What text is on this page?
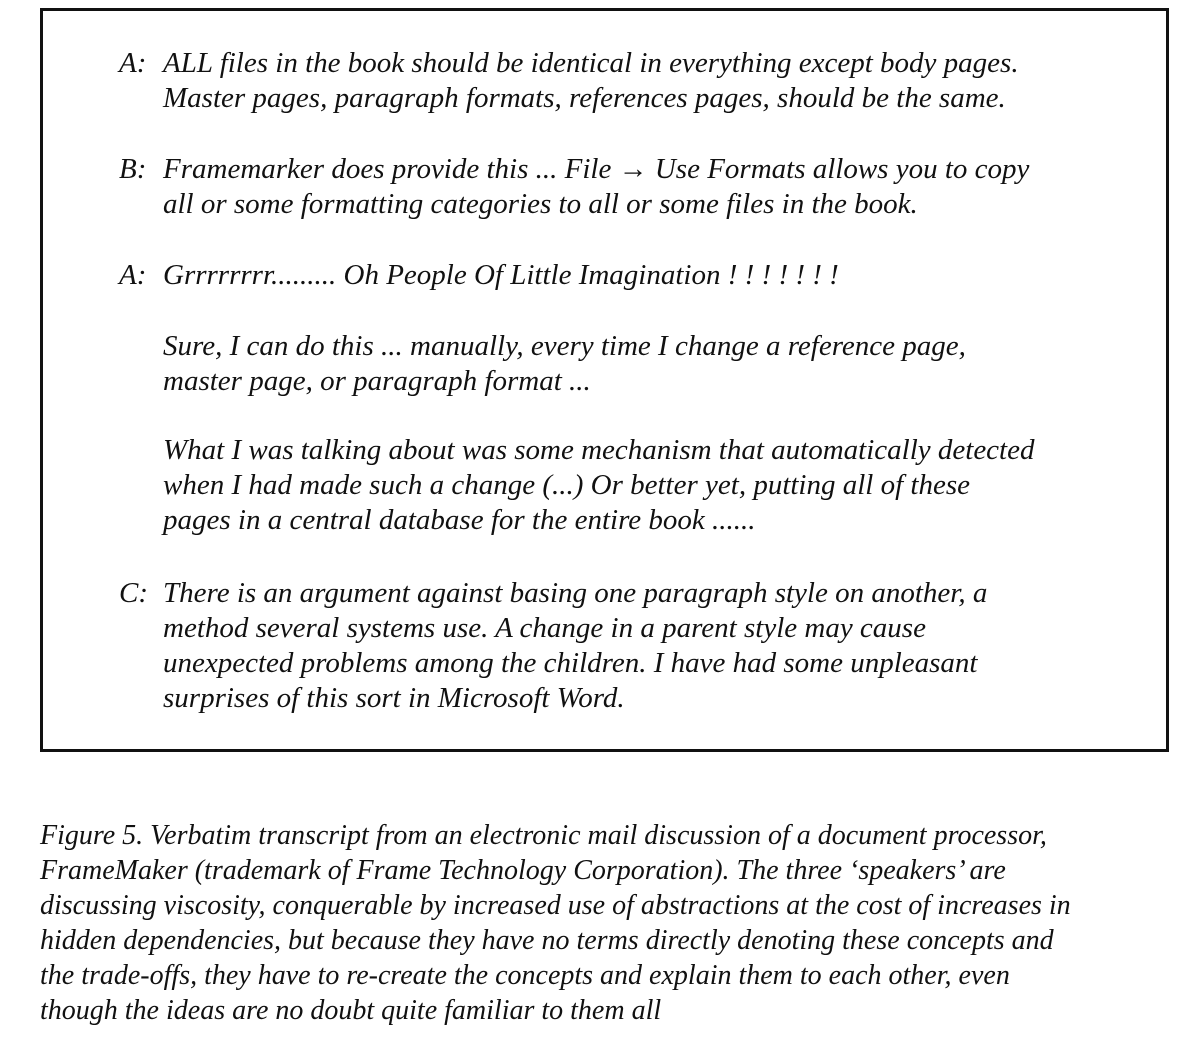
A: ALL files in the book should be identical in everything except body pages.
Master pages, paragraph formats, references pages, should be the same.
B: Framemarker does provide this ... File → Use Formats allows you to copy
all or some formatting categories to all or some files in the book.
A: Grrrrrrrr......... Oh People Of Little Imagination ! ! ! ! ! ! !
Sure, I can do this ... manually, every time I change a reference page,
master page, or paragraph format ...
What I was talking about was some mechanism that automatically detected
when I had made such a change (...) Or better yet, putting all of these
pages in a central database for the entire book ......
C: There is an argument against basing one paragraph style on another, a
method several systems use. A change in a parent style may cause
unexpected problems among the children. I have had some unpleasant
surprises of this sort in Microsoft Word.
Figure 5. Verbatim transcript from an electronic mail discussion of a document processor,
FrameMaker (trademark of Frame Technology Corporation). The three ‘speakers’ are
discussing viscosity, conquerable by increased use of abstractions at the cost of increases in
hidden dependencies, but because they have no terms directly denoting these concepts and
the trade-offs, they have to re-create the concepts and explain them to each other, even
though the ideas are no doubt quite familiar to them all
